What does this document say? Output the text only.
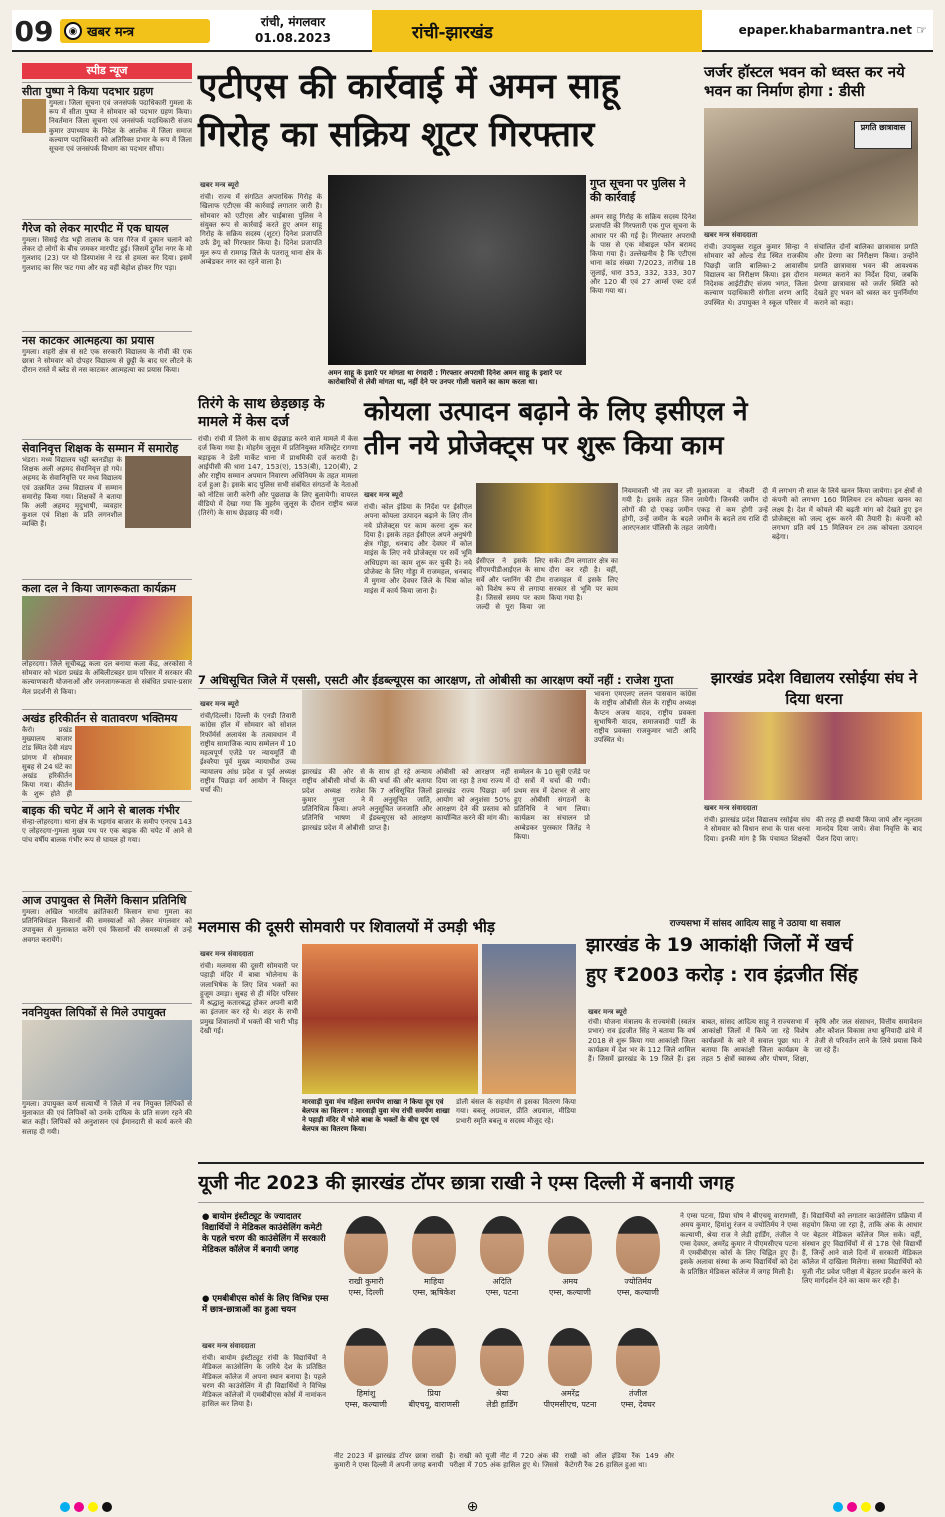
09	◉ खबर मन्त्र
रांची, मंगलवार
01.08.2023	रांची-झारखंड	epaper.khabarmantra.net ☞
स्पीड न्यूज
सीता पुष्पा ने किया पदभार ग्रहण
गुमला। जिला सूचना एवं जनसंपर्क पदाधिकारी गुमला के रूप में सीता पुष्पा ने सोमवार को पदभार ग्रहण किया। निवर्तमान जिला सूचना एवं जनसंपर्क पदाधिकारी संजय कुमार उपाध्याय के निदेश के आलोक में जिला समाज कल्याण पदाधिकारी को अतिरिक्त प्रभार के रूप में जिला सूचना एवं जनसंपर्क विभाग का पदभार सौंपा।
गैरेज को लेकर मारपीट में एक घायल
गुमला। सिसई रोड भट्टी तालाब के पास गैरेज में दुकान चलाने को लेकर दो लोगों के बीच जमकर मारपीट हुई। जिसमें दुर्गेश नगर के मो गुलशाद (23) पर यो डिस्पाशंस ने रड से हमला कर दिया। इसमें गुलशाद का सिर फट गया और वह वहीं बेहोश होकर गिर पड़ा।
नस काटकर आत्महत्या का प्रयास
गुमला। शहरी क्षेत्र से सटे एक सरकारी विद्यालय के नौवीं की एक छात्रा ने सोमवार को दोपहर विद्यालय से छुट्टी के बाद घर लौटने के दौरान रास्ते में ब्लेड से नस काटकर आत्महत्या का प्रयास किया।
सेवानिवृत्त शिक्षक के सम्मान में समारोह
भंडरा। मध्य विद्यालय चट्टी ब्लनडीहा के शिक्षक अली अहमद सेवानिवृत्त हो गये। अहमद के सेवानिवृत्ति पर मध्य विद्यालय एवं उत्क्रमित उच्च विद्यालय में सम्मान समारोह किया गया। शिक्षकों ने बताया कि अली अहमद मृदुभाषी, व्यवहार कुशल एवं शिक्षा के प्रति लगनशील व्यक्ति हैं।
कला दल ने किया जागरूकता कार्यक्रम
लोहरदगा। जिले सूचीबद्ध कला दल बनाया कला केंद्र, अरकोसा ने सोमवार को भंडरा प्रखंड के अंबिलीटबहर ग्राम परिसर में सरकार की कल्याणकारी योजनाओं और जनजागरूकता से संबंधित प्रचार-प्रसार मेल प्रदर्शनी से किया।
अखंड हरिकीर्तन से वातावरण भक्तिमय
कैरो। प्रखंड मुख्यालय बाजार टांड स्थित देवी मंडप प्रांगण में सोमवार सुबह से 24 घंटे का अखंड हरिकीर्तन किया गया। कीर्तन के शुरू होते ही
बाइक की चपेट में आने से बालक गंभीर
सेन्हा-लोहरदगा। थाना क्षेत्र के भड़गांव बाजार के समीप एनएच 143 ए लोहरदगा-गुमला मुख्य पथ पर एक बाइक की चपेट में आने से पांच वर्षीय बालक गंभीर रूप से घायल हो गया।
आज उपायुक्त से मिलेंगे किसान प्रतिनिधि
गुमला। अखिल भारतीय क्रांतिकारी किसान सभा गुमला का प्रतिनिधिमंडल किसानों की समस्याओं को लेकर मंगलवार को उपायुक्त से मुलाकात करेंगे एवं किसानों की समस्याओं से उन्हें अवगत करायेंगे।
नवनियुक्त लिपिकों से मिले उपायुक्त
गुमला। उपायुक्त कर्ण सत्यार्थी ने जिले में नव नियुक्त लिपिकों से मुलाकात की एवं लिपिकों को उनके दायित्व के प्रति सजग रहने की बात कही। लिपिकों को अनुशासन एवं ईमानदारी से कार्य करने की सलाह दी गयी।
एटीएस की कार्रवाई में अमन साहू
गिरोह का सक्रिय शूटर गिरफ्तार
खबर मन्त्र ब्यूरो
रांची। राज्य में संगठित अपराधिक गिरोह के खिलाफ एटीएस की कार्रवाई लगातार जारी है। सोमवार को एटीएस और चाईबासा पुलिस ने संयुक्त रूप से कार्रवाई करते हुए अमन साहू गिरोह के सक्रिय सदस्य (शूटर) दिनेश प्रजापति उर्फ डेंगू को गिरफ्तार किया है। दिनेश प्रजापति मूल रूप से रामगढ़ जिले के पतरातू थाना क्षेत्र के अम्बेडकर नगर का रहने वाला है।
अमन साहू के इशारे पर मांगता था रंगदारी : गिरफ्तार अपराधी दिनेश अमन साहू के इशारे पर कारोबारियों से लेवी मांगता था, नहीं देने पर उनपर गोली चलाने का काम करता था।
गुप्त सूचना पर पुलिस ने की कार्रवाई
अमन साहू गिरोह के सक्रिय सदस्य दिनेश प्रजापति की गिरफ्तारी एक गुप्त सूचना के आधार पर की गई है। गिरफ्तार अपराधी के पास से एक मोबाइल फोन बरामद किया गया है। उल्लेखनीय है कि एटीएस थाना कांड संख्या 7/2023, तारीख 18 जुलाई, धारा 353, 332, 333, 307 और 120 बी एवं 27 आर्म्स एक्ट दर्ज किया गया था।
जर्जर हॉस्टल भवन को ध्वस्त कर नये भवन का निर्माण होगा : डीसी
प्रगति छात्रावास
खबर मन्त्र संवाददाता
रांची। उपायुक्त राहुल कुमार सिन्हा ने सोमवार को ओल्ड रोड स्थित राजकीय पिछड़ी जाति बालिका-2 आवासीय विद्यालय का निरीक्षण किया। इस दौरान निदेशक आईटीडीए संजय भगत, जिला कल्याण पदाधिकारी संगीता शरण आदि उपस्थित थे। उपायुक्त ने स्कूल परिसर में संचालित दोनों बालिका छात्रावास प्रगति और प्रेरणा का निरीक्षण किया। उन्होंने प्रगति छात्रावास भवन की आवश्यक मरम्मत कराने का निर्देश दिया, जबकि प्रेरणा छात्रावास को जर्जर स्थिति को देखते हुए भवन को ध्वस्त कर पुनर्निर्माण कराने को कहा।
तिरंगे के साथ छेड़छाड़ के मामले में केस दर्ज
रांची। रांची में तिरंगे के साथ छेड़छाड़ करने वाले मामले में केस दर्ज किया गया है। मोहर्रम जुलूस में प्रतिनियुक्त मजिस्ट्रेट रागणा बड़ाइक ने डेली मार्केट थाना में प्राथमिकी दर्ज करायी है। आईपीसी की धारा 147, 153(ए), 153(बी), 120(बी), 2 और राष्ट्रीय सम्मान अपमान निवारण अधिनियम के तहत मामला दर्ज हुआ है। इसके बाद पुलिस सभी संबंधित संगठनों के नेताओं को नोटिस जारी करेगी और पूछताछ के लिए बुलायेगी। वायरल वीडियो में देखा गया कि मुहर्रम जुलूस के दौरान राष्ट्रीय ध्वज (तिरंगे) के साथ छेड़छाड़ की गयी।
कोयला उत्पादन बढ़ाने के लिए इसीएल ने
तीन नये प्रोजेक्ट्स पर शुरू किया काम
खबर मन्त्र ब्यूरो
रांची। कोल इंडिया के निर्देश पर ईसीएल अपना कोयला उत्पादन बढ़ाने के लिए तीन नये प्रोजेक्ट्स पर काम करना शुरू कर दिया है। इसके तहत ईसीएल अपने अनुषंगी क्षेत्र गोड्डा, धनबाद और देवघर में कोल माइंस के लिए नये प्रोजेक्ट्स पर सर्वे भूमि अधिग्रहण का काम शुरू कर चुकी है। नये प्रोजेक्ट के लिए गोड्डा में राजमहल, धनबाद में मुगमा और देवघर जिले के चित्रा कोल माइंस में कार्य किया जाना है।
ईसीएल ने इसके लिए सीएमपीडीआईएल के साथ सर्वे और प्लानिंग की टीम को विशेष रूप से लगाया है। जिससे समय पर काम जल्दी से पूरा किया जा सके। टीम लगातार क्षेत्र का दौरा कर रही है। वहीं, राजमहल में इसके लिए सरकार से भूमि पर काम किया गया है।
नियमावली भी तय कर ली गयी है। इसके तहत जिन लोगों की दो एकड़ जमीन होगी, उन्हें जमीन के बदले आरएनआर पॉलिसी के तहत मुआवजा व नौकरी दी जायेगी। जिनकी जमीन दो एकड़ से कम होगी उन्हें जमीन के बदले तय राशि दी जायेगी।
में लगभग नौ साल के लिये खनन किया जायेगा। इन क्षेत्रों से कंपनी को लगभग 160 मिलियन टन कोयला खनन का लक्ष्य है। देश में कोयले की बढ़ती मांग को देखते हुए इन प्रोजेक्ट्स को जल्द शुरू करने की तैयारी है। कंपनी को लगभग प्रति वर्ष 15 मिलियन टन तक कोयला उत्पादन बढ़ेगा।
7 अधिसूचित जिले में एससी, एसटी और ईडब्ल्यूएस का आरक्षण, तो ओबीसी का आरक्षण क्यों नहीं : राजेश गुप्ता
खबर मन्त्र ब्यूरो
रांची/दिल्ली। दिल्ली के एनडी तिवारी कांग्रेस हॉल में सोमवार को सोशल रिफॉर्मर्स अलायंस के तत्वावधान में राष्ट्रीय सामाजिक न्याय सम्मेलन में 10 महत्वपूर्ण एजेंडे पर न्यायमूर्ति वी ईश्वरैया पूर्व मुख्य न्यायाधीश उच्च न्यायालय आंध्र प्रदेश व पूर्व अध्यक्ष राष्ट्रीय पिछड़ा वर्ग आयोग ने विस्तृत चर्चा की।
झारखंड की ओर से राष्ट्रीय ओबीसी मोर्चा के प्रदेश अध्यक्ष राजेश कुमार गुप्ता ने प्रतिनिधित्व किया। अपने प्रतिनिधि भाषण में झारखंड प्रदेश में ओबीसी के साथ हो रहे अन्याय की चर्चा की और बताया कि 7 अधिसूचित जिलों में अनुसूचित जाति, अनुसूचित जनजाति और ईडब्ल्यूएस को आरक्षण प्राप्त है।
ओबीसी को आरक्षण नहीं दिया जा रहा है तथा राज्य में झारखंड राज्य पिछड़ा वर्ग आयोग को अनुशंसा 50% आरक्षण देने की प्रस्ताव को कार्यान्वित करने की मांग की।
सम्मेलन के 10 सूत्री एजेंडे पर दो सत्रों में चर्चा की गयी। प्रथम सत्र में देशभर से आए हुए ओबीसी संगठनों के प्रतिनिधि ने भाग लिया। कार्यक्रम का संचालन प्रो अम्बेडकर पुरस्कार जितेंद्र ने किया।
भावना एमएलए ललन पासवान कांग्रेस के राष्ट्रीय ओबीसी सेल के राष्ट्रीय अध्यक्ष कैप्टन अजय यादव, राष्ट्रीय प्रवक्ता सुभाषिनी यादव, समाजवादी पार्टी के राष्ट्रीय प्रवक्ता राजकुमार भाटी आदि उपस्थित थे।
झारखंड प्रदेश विद्यालय रसोईया संघ ने दिया धरना
खबर मन्त्र संवाददाता
रांची। झारखंड प्रदेश विद्यालय रसोईया संघ ने सोमवार को विधान सभा के पास धरना दिया। इनकी मांग है कि पंचायत शिक्षकों की तरह ही स्थायी किया जाये और न्यूनतम मानदेय दिया जाये। सेवा निवृत्ति के बाद पेंशन दिया जाए।
मलमास की दूसरी सोमवारी पर शिवालयों में उमड़ी भीड़
खबर मन्त्र संवाददाता
रांची। मलमास की दूसरी सोमवारी पर पहाड़ी मंदिर में बाबा भोलेनाथ के जलाभिषेक के लिए शिव भक्तों का हुजूम उमड़ा। सुबह से ही मंदिर परिसर में श्रद्धालु कतारबद्ध होकर अपनी बारी का इंतजार कर रहे थे। शहर के सभी प्रमुख शिवालयों में भक्तों की भारी भीड़ देखी गई।
मारवाड़ी युवा मंच महिला समर्पण शाखा ने किया दूध एवं बेलपत्र का वितरण : मारवाड़ी युवा मंच रांची समर्पण शाखा ने पहाड़ी मंदिर में भोले बाबा के भक्तों के बीच दूध एवं बेलपत्र का वितरण किया।
डोली बंसल के सहयोग से इसका वितरण किया गया। बबलू अग्रवाल, प्रीति अग्रवाल, मीडिया प्रभारी स्मृति बबलू व सदस्य मौजूद रहे।
राज्यसभा में सांसद आदित्य साहू ने उठाया था सवाल
झारखंड के 19 आकांक्षी जिलों में खर्च
हुए ₹2003 करोड़ : राव इंद्रजीत सिंह
खबर मन्त्र ब्यूरो
रांची। योजना मंत्रालय के राज्यमंत्री (स्वतंत्र प्रभार) राव इंद्रजीत सिंह ने बताया कि वर्ष 2018 से शुरू किया गया आकांक्षी जिला कार्यक्रम में देश भर के 112 जिले शामिल हैं। जिसमें झारखंड के 19 जिले हैं। इस बाबत, सांसद आदित्य साहू ने राज्यसभा में आकांक्षी जिलों में किये जा रहे विशेष कार्यक्रमों के बारे में सवाल पूछा था। ने बताया कि आकांक्षी जिला कार्यक्रम के तहत 5 क्षेत्रों स्वास्थ्य और पोषण, शिक्षा, कृषि और जल संसाधन, वित्तीय समावेशन और कौशल विकास तथा बुनियादी ढांचे में तेजी से परिवर्तन लाने के लिये प्रयास किये जा रहे हैं।
यूजी नीट 2023 की झारखंड टॉपर छात्रा राखी ने एम्स दिल्ली में बनायी जगह
● बायोम इंस्टीट्यूट के ज्यादातर विद्यार्थियों ने मेडिकल काउंसेलिंग कमेटी के पहले चरण की काउंसेलिंग में सरकारी मेडिकल कॉलेज में बनायी जगह
● एमबीबीएस कोर्स के लिए विभिन्न एम्स में छात्र-छात्राओं का हुआ चयन
खबर मन्त्र संवाददाता
रांची। बायोम इंस्टीट्यूट रांची के विद्यार्थियों ने मेडिकल काउंसेलिंग के जरिये देश के प्रतिष्ठित मेडिकल कॉलेज में अपना स्थान बनाया है। पहले चरण की काउंसेलिंग में ही विद्यार्थियों ने विभिन्न मेडिकल कॉलेजों में एमबीबीएस कोर्स में नामांकन हासिल कर लिया है।
राखी कुमारी
एम्स, दिल्ली
माहिया
एम्स, ऋषिकेश
अदिति
एम्स, पटना
अमय
एम्स, कल्याणी
ज्योतिर्मय
एम्स, कल्याणी
हिमांशु
एम्स, कल्याणी
प्रिया
बीएचयू, वाराणसी
श्रेया
लेडी हार्डिंग
अमरेंद्र
पीएमसीएच, पटना
तंजील
एम्स, देवघर
नीट 2023 में झारखंड टॉपर छात्रा राखी कुमारी ने एम्स दिल्ली में अपनी जगह बनायी है। राखी को यूजी नीट में 720 अंक की परीक्षा में 705 अंक हासिल हुए थे। जिससे राखी को ऑल इंडिया रैंक 149 और कैटेगरी रैंक 26 हासिल हुआ था।
ने एम्स पटना, प्रिया घोष ने बीएचयू वाराणसी, अमय कुमार, हिमांशु रंजन व ज्योतिर्मय ने एम्स कल्याणी, श्रेया राज ने लेडी हार्डिंग, तंजील ने एम्स देवघर, अमरेंद्र कुमार ने पीएमसीएच पटना में एमबीबीएस कोर्स के लिए चिह्नित हुए हैं। इसके अलावा संस्था के अन्य विद्यार्थियों को देश के प्रतिष्ठित मेडिकल कॉलेज में जगह मिली है।
हैं। विद्यार्थियों को लगातार काउंसेलिंग प्रक्रिया में सहयोग किया जा रहा है, ताकि अंक के आधार पर बेहतर मेडिकल कॉलेज मिल सके। वहीं, संस्थान हुए विद्यार्थियों में से 178 ऐसे विद्यार्थी हैं, जिन्हें आने वाले दिनों में सरकारी मेडिकल कॉलेज में दाखिला मिलेगा। सस्था विद्यार्थियों को यूजी नीट प्रवेश परीक्षा में बेहतर प्रदर्शन करने के लिए मार्गदर्शन देने का काम कर रही है।
⊕
